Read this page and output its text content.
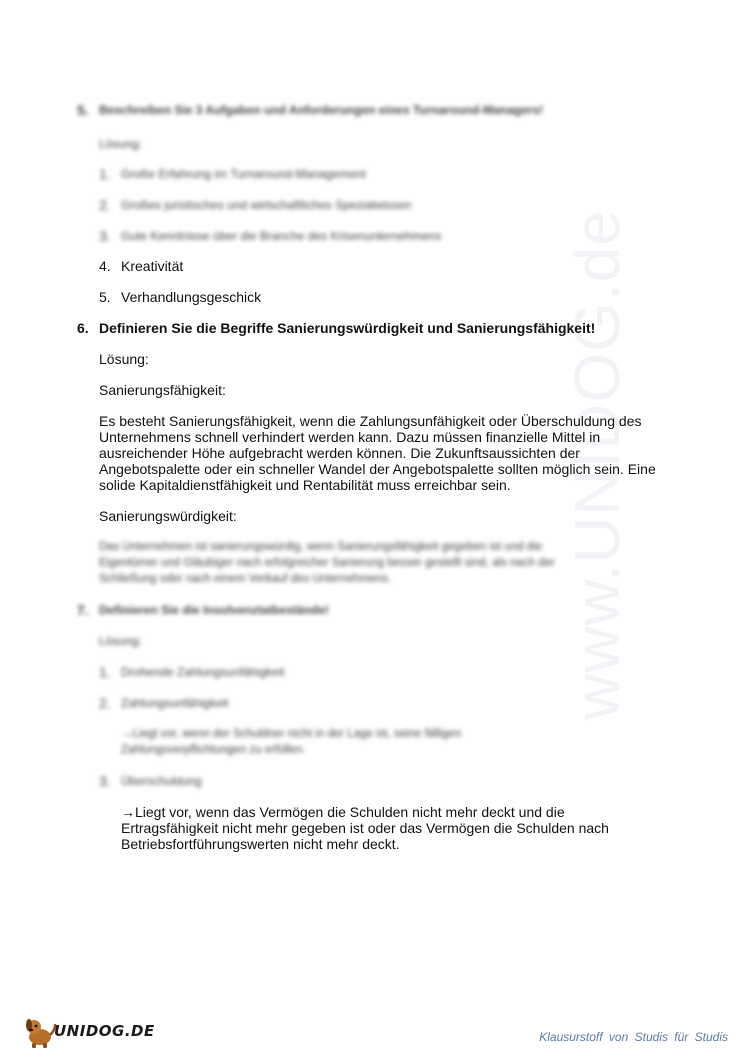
www.UNIDOG.de
5. Beschreiben Sie 3 Aufgaben und Anforderungen eines Turnaround-Managers!
Lösung:
1. Große Erfahrung im Turnaround-Management
2. Großes juristisches und wirtschaftliches Spezialwissen
3. Gute Kenntnisse über die Branche des Krisenunternehmens
4. Kreativität
5. Verhandlungsgeschick
6. Definieren Sie die Begriffe Sanierungswürdigkeit und Sanierungsfähigkeit!
Lösung:
Sanierungsfähigkeit:
Es besteht Sanierungsfähigkeit, wenn die Zahlungsunfähigkeit oder Überschuldung des
Unternehmens schnell verhindert werden kann. Dazu müssen finanzielle Mittel in
ausreichender Höhe aufgebracht werden können. Die Zukunftsaussichten der
Angebotspalette oder ein schneller Wandel der Angebotspalette sollten möglich sein. Eine
solide Kapitaldienstfähigkeit und Rentabilität muss erreichbar sein.
Sanierungswürdigkeit:
Das Unternehmen ist sanierungswürdig, wenn Sanierungsfähigkeit gegeben ist und die
Eigentümer und Gläubiger nach erfolgreicher Sanierung besser gestellt sind, als nach der
Schließung oder nach einem Verkauf des Unternehmens.
7. Definieren Sie die Insolvenztatbestände!
Lösung:
1. Drohende Zahlungsunfähigkeit
2. Zahlungsunfähigkeit
→Liegt vor, wenn der Schuldner nicht in der Lage ist, seine fälligen
Zahlungsverpflichtungen zu erfüllen.
3. Überschuldung
→Liegt vor, wenn das Vermögen die Schulden nicht mehr deckt und die
Ertragsfähigkeit nicht mehr gegeben ist oder das Vermögen die Schulden nach
Betriebsfortführungswerten nicht mehr deckt.
UNIDOG.DE	Klausurstoff von Studis für Studis
